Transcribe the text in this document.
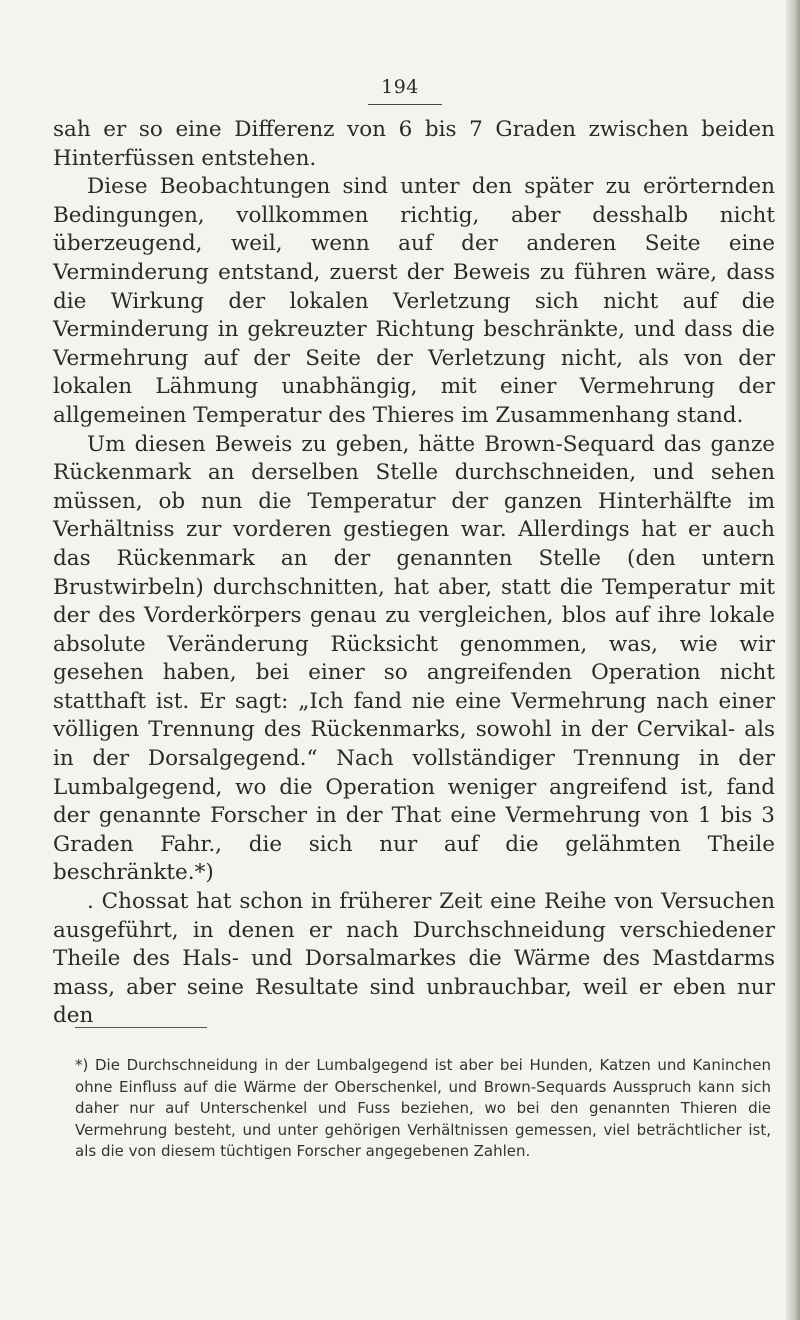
194

sah er so eine Differenz von 6 bis 7 Graden zwischen beiden Hinterfüssen entstehen.

Diese Beobachtungen sind unter den später zu erörternden Bedingungen, vollkommen richtig, aber desshalb nicht überzeugend, weil, wenn auf der anderen Seite eine Verminderung entstand, zuerst der Beweis zu führen wäre, dass die Wirkung der lokalen Verletzung sich nicht auf die Verminderung in gekreuzter Richtung beschränkte, und dass die Vermehrung auf der Seite der Verletzung nicht, als von der lokalen Lähmung unabhängig, mit einer Vermehrung der allgemeinen Temperatur des Thieres im Zusammenhang stand.

Um diesen Beweis zu geben, hätte Brown-Sequard das ganze Rückenmark an derselben Stelle durchschneiden, und sehen müssen, ob nun die Temperatur der ganzen Hinterhälfte im Verhältniss zur vorderen gestiegen war. Allerdings hat er auch das Rückenmark an der genannten Stelle (den untern Brustwirbeln) durchschnitten, hat aber, statt die Temperatur mit der des Vorderkörpers genau zu vergleichen, blos auf ihre lokale absolute Veränderung Rücksicht genommen, was, wie wir gesehen haben, bei einer so angreifenden Operation nicht statthaft ist. Er sagt: „Ich fand nie eine Vermehrung nach einer völligen Trennung des Rückenmarks, sowohl in der Cervikal- als in der Dorsalgegend.“ Nach vollständiger Trennung in der Lumbalgegend, wo die Operation weniger angreifend ist, fand der genannte Forscher in der That eine Vermehrung von 1 bis 3 Graden Fahr., die sich nur auf die gelähmten Theile beschränkte.*)

. Chossat hat schon in früherer Zeit eine Reihe von Versuchen ausgeführt, in denen er nach Durchschneidung verschiedener Theile des Hals- und Dorsalmarkes die Wärme des Mastdarms mass, aber seine Resultate sind unbrauchbar, weil er eben nur den

*) Die Durchschneidung in der Lumbalgegend ist aber bei Hunden, Katzen und Kaninchen ohne Einfluss auf die Wärme der Oberschenkel, und Brown-Sequards Ausspruch kann sich daher nur auf Unterschenkel und Fuss beziehen, wo bei den genannten Thieren die Vermehrung besteht, und unter gehörigen Verhältnissen gemessen, viel beträchtlicher ist, als die von diesem tüchtigen Forscher angegebenen Zahlen.
